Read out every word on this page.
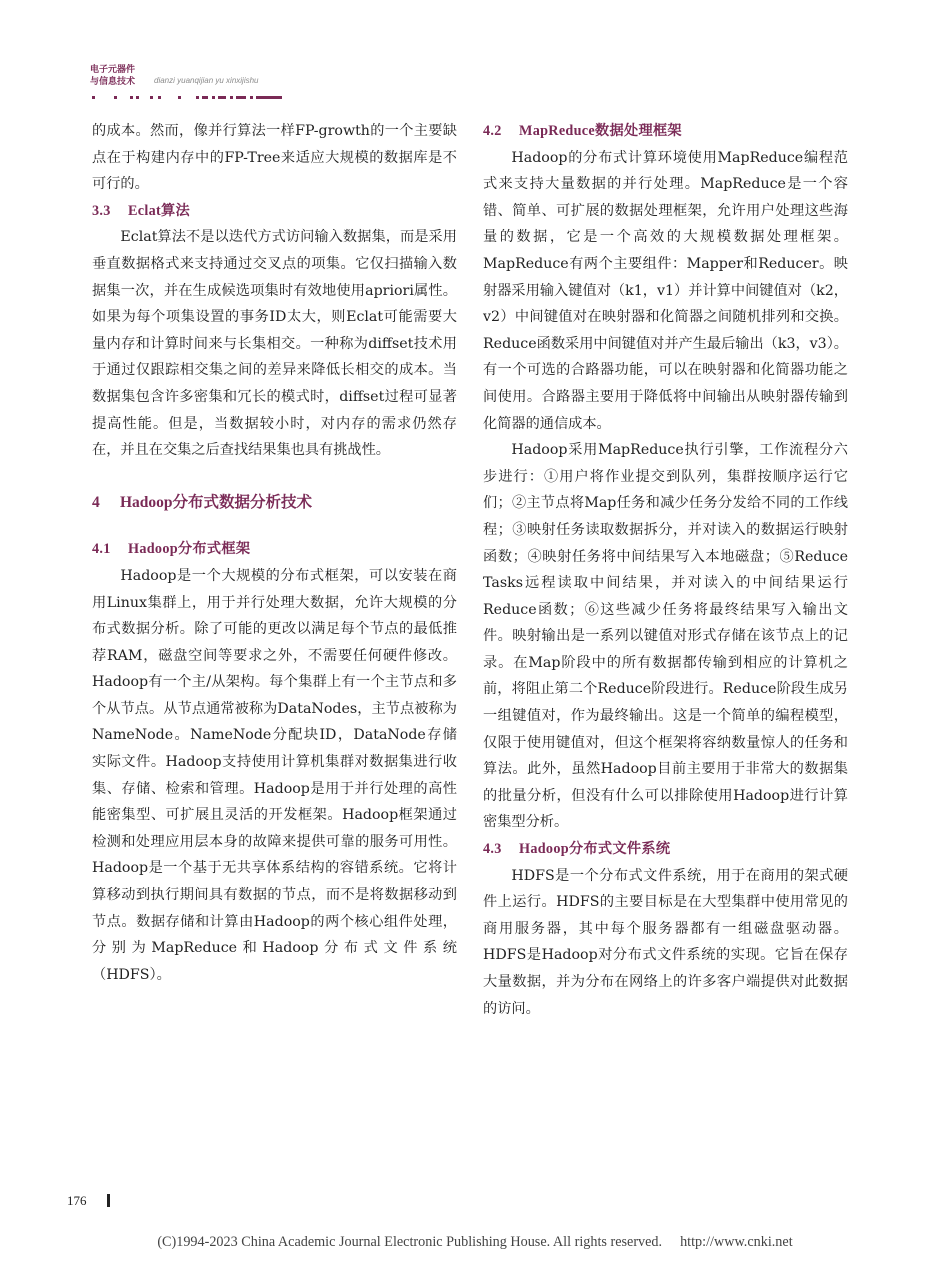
电子元器件
与信息技术	dianzi yuanqijian yu xinxijishu

的成本。然而，像并行算法一样FP-growth的一个主要缺点在于构建内存中的FP-Tree来适应大规模的数据库是不可行的。

3.3 Eclat算法

Eclat算法不是以迭代方式访问输入数据集，而是采用垂直数据格式来支持通过交叉点的项集。它仅扫描输入数据集一次，并在生成候选项集时有效地使用apriori属性。如果为每个项集设置的事务ID太大，则Eclat可能需要大量内存和计算时间来与长集相交。一种称为diffset技术用于通过仅跟踪相交集之间的差异来降低长相交的成本。当数据集包含许多密集和冗长的模式时，diffset过程可显著提高性能。但是，当数据较小时，对内存的需求仍然存在，并且在交集之后查找结果集也具有挑战性。

4 Hadoop分布式数据分析技术
4.1 Hadoop分布式框架

Hadoop是一个大规模的分布式框架，可以安装在商用Linux集群上，用于并行处理大数据，允许大规模的分布式数据分析。除了可能的更改以满足每个节点的最低推荐RAM，磁盘空间等要求之外，不需要任何硬件修改。Hadoop有一个主/从架构。每个集群上有一个主节点和多个从节点。从节点通常被称为DataNodes，主节点被称为NameNode。NameNode分配块ID，DataNode存储实际文件。Hadoop支持使用计算机集群对数据集进行收集、存储、检索和管理。Hadoop是用于并行处理的高性能密集型、可扩展且灵活的开发框架。Hadoop框架通过检测和处理应用层本身的故障来提供可靠的服务可用性。Hadoop是一个基于无共享体系结构的容错系统。它将计算移动到执行期间具有数据的节点，而不是将数据移动到节点。数据存储和计算由Hadoop的两个核心组件处理，分别为MapReduce和Hadoop分布式文件系统（HDFS）。

4.2 MapReduce数据处理框架

Hadoop的分布式计算环境使用MapReduce编程范式来支持大量数据的并行处理。MapReduce是一个容错、简单、可扩展的数据处理框架，允许用户处理这些海量的数据，它是一个高效的大规模数据处理框架。MapReduce有两个主要组件：Mapper和Reducer。映射器采用输入键值对（k1，v1）并计算中间键值对（k2，v2）中间键值对在映射器和化简器之间随机排列和交换。Reduce函数采用中间键值对并产生最后输出（k3，v3）。有一个可选的合路器功能，可以在映射器和化简器功能之间使用。合路器主要用于降低将中间输出从映射器传输到化简器的通信成本。

Hadoop采用MapReduce执行引擎，工作流程分六步进行：①用户将作业提交到队列，集群按顺序运行它们；②主节点将Map任务和减少任务分发给不同的工作线程；③映射任务读取数据拆分，并对读入的数据运行映射函数；④映射任务将中间结果写入本地磁盘；⑤Reduce Tasks远程读取中间结果，并对读入的中间结果运行Reduce函数；⑥这些减少任务将最终结果写入输出文件。映射输出是一系列以键值对形式存储在该节点上的记录。在Map阶段中的所有数据都传输到相应的计算机之前，将阻止第二个Reduce阶段进行。Reduce阶段生成另一组键值对，作为最终输出。这是一个简单的编程模型，仅限于使用键值对，但这个框架将容纳数量惊人的任务和算法。此外，虽然Hadoop目前主要用于非常大的数据集的批量分析，但没有什么可以排除使用Hadoop进行计算密集型分析。

4.3 Hadoop分布式文件系统

HDFS是一个分布式文件系统，用于在商用的架式硬件上运行。HDFS的主要目标是在大型集群中使用常见的商用服务器，其中每个服务器都有一组磁盘驱动器。HDFS是Hadoop对分布式文件系统的实现。它旨在保存大量数据，并为分布在网络上的许多客户端提供对此数据的访问。

176
(C)1994-2023 China Academic Journal Electronic Publishing House. All rights reserved. http://www.cnki.net
